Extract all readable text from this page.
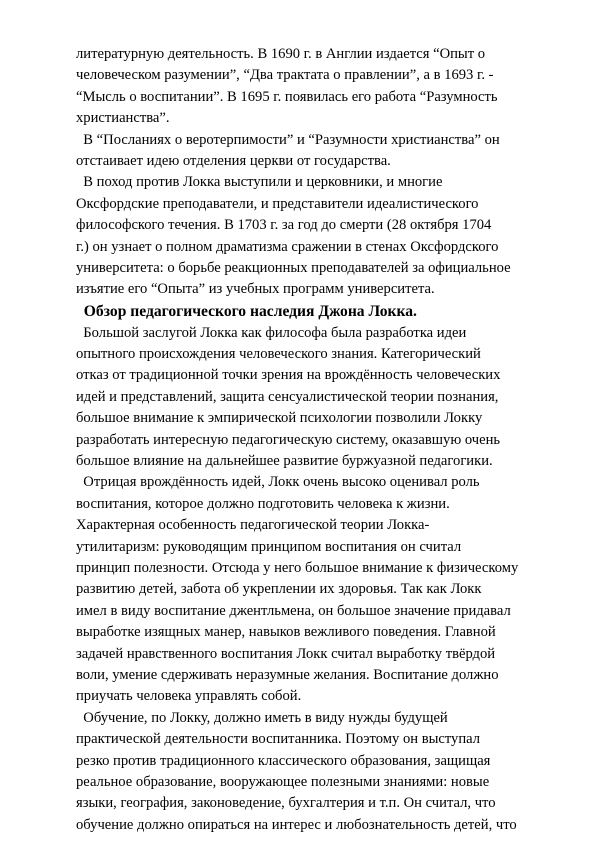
литературную деятельность. В 1690 г. в Англии издается “Опыт о
человеческом разумении”, “Два трактата о правлении”, а в 1693 г. -
“Мысль о воспитании”. В 1695 г. появилась его работа “Разумность
христианства”.
В “Посланиях о веротерпимости” и “Разумности христианства” он
отстаивает идею отделения церкви от государства.
В поход против Локка выступили и церковники, и многие
Оксфордские преподаватели, и представители идеалистического
философского течения. В 1703 г. за год до смерти (28 октября 1704
г.) он узнает о полном драматизма сражении в стенах Оксфордского
университета: о борьбе реакционных преподавателей за официальное
изъятие его “Опыта” из учебных программ университета.
Обзор педагогического наследия Джона Локка.
Большой заслугой Локка как философа была разработка идеи
опытного происхождения человеческого знания. Категорический
отказ от традиционной точки зрения на врождённость человеческих
идей и представлений, защита сенсуалистической теории познания,
большое внимание к эмпирической психологии позволили Локку
разработать интересную педагогическую систему, оказавшую очень
большое влияние на дальнейшее развитие буржуазной педагогики.
Отрицая врождённость идей, Локк очень высоко оценивал роль
воспитания, которое должно подготовить человека к жизни.
Характерная особенность педагогической теории Локка-
утилитаризм: руководящим принципом воспитания он считал
принцип полезности. Отсюда у него большое внимание к физическому
развитию детей, забота об укреплении их здоровья. Так как Локк
имел в виду воспитание джентльмена, он большое значение придавал
выработке изящных манер, навыков вежливого поведения. Главной
задачей нравственного воспитания Локк считал выработку твёрдой
воли, умение сдерживать неразумные желания. Воспитание должно
приучать человека управлять собой.
Обучение, по Локку, должно иметь в виду нужды будущей
практической деятельности воспитанника. Поэтому он выступал
резко против традиционного классического образования, защищая
реальное образование, вооружающее полезными знаниями: новые
языки, география, законоведение, бухгалтерия и т.п. Он считал, что
обучение должно опираться на интерес и любознательность детей, что
